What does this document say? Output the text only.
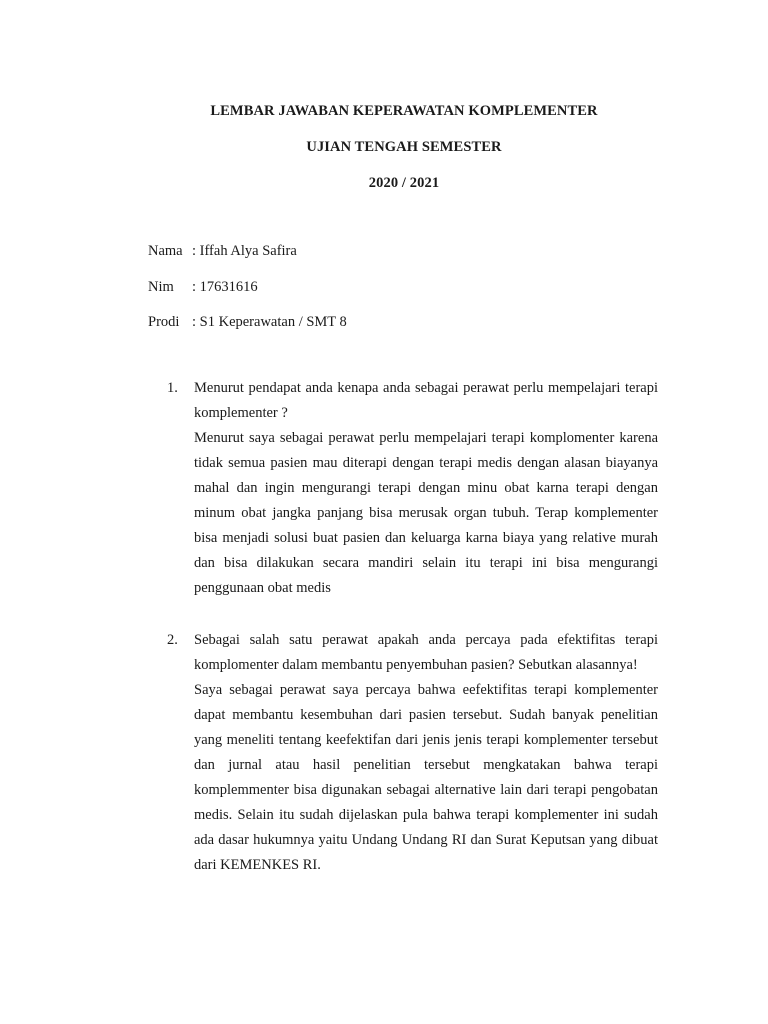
LEMBAR JAWABAN KEPERAWATAN KOMPLEMENTER
UJIAN TENGAH SEMESTER
2020 / 2021
Nama : Iffah Alya Safira
Nim : 17631616
Prodi : S1 Keperawatan / SMT 8
1. Menurut pendapat anda kenapa anda sebagai perawat perlu mempelajari terapi komplementer ?

Menurut saya sebagai perawat perlu mempelajari terapi komplomenter karena tidak semua pasien mau diterapi dengan terapi medis dengan alasan biayanya mahal dan ingin mengurangi terapi dengan minu obat karna terapi dengan minum obat jangka panjang bisa merusak organ tubuh. Terap komplementer bisa menjadi solusi buat pasien dan keluarga karna biaya yang relative murah dan bisa dilakukan secara mandiri selain itu terapi ini bisa mengurangi penggunaan obat medis

2. Sebagai salah satu perawat apakah anda percaya pada efektifitas terapi komplomenter dalam membantu penyembuhan pasien? Sebutkan alasannya!

Saya sebagai perawat saya percaya bahwa eefektifitas terapi komplementer dapat membantu kesembuhan dari pasien tersebut. Sudah banyak penelitian yang meneliti tentang keefektifan dari jenis jenis terapi komplementer tersebut dan jurnal atau hasil penelitian tersebut mengkatakan bahwa terapi komplemmenter bisa digunakan sebagai alternative lain dari terapi pengobatan medis. Selain itu sudah dijelaskan pula bahwa terapi komplementer ini sudah ada dasar hukumnya yaitu Undang Undang RI dan Surat Keputsan yang dibuat dari KEMENKES RI.
